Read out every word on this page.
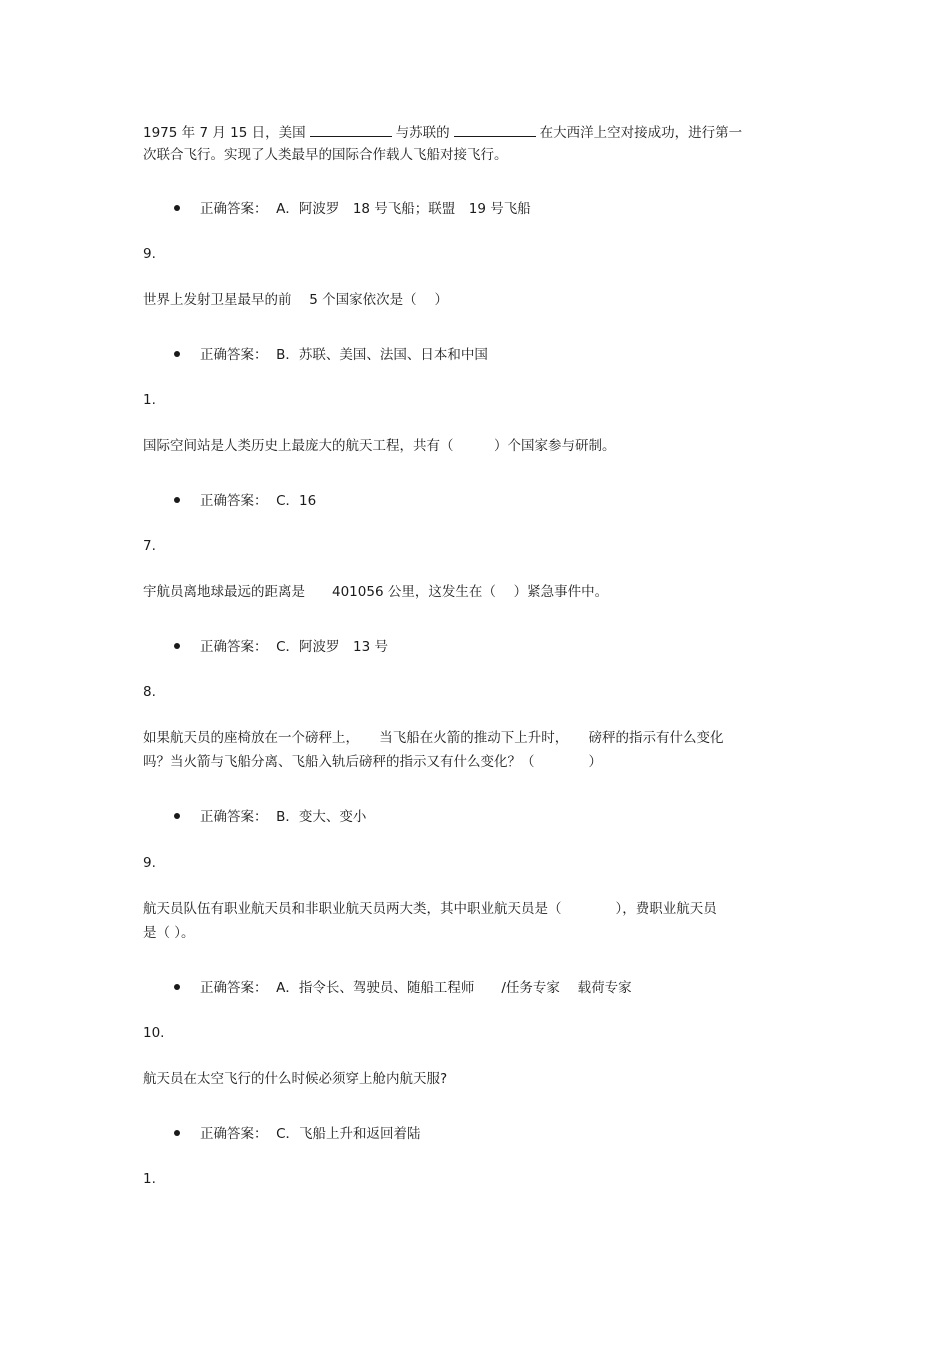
1975 年 7 月 15 日，美国	与苏联的	在大西洋上空对接成功，进行第一
次联合飞行。实现了人类最早的国际合作载人飞船对接飞行。
正确答案： A．阿波罗　18 号飞船；联盟　19 号飞船
9.
世界上发射卫星最早的前　 5 个国家依次是（　 ）
正确答案： B．苏联、美国、法国、日本和中国
1.
国际空间站是人类历史上最庞大的航天工程，共有（　　　）个国家参与研制。
正确答案： C．16
7.
宇航员离地球最远的距离是　　401056 公里，这发生在（　 ）紧急事件中。
正确答案： C．阿波罗　13 号
8.
如果航天员的座椅放在一个磅秤上，　　当飞船在火箭的推动下上升时，　　磅秤的指示有什么变化
吗？当火箭与飞船分离、飞船入轨后磅秤的指示又有什么变化？（　　　　）
正确答案： B．变大、变小
9.
航天员队伍有职业航天员和非职业航天员两大类，其中职业航天员是（　　　　），费职业航天员
是（ ）。
正确答案： A．指令长、驾驶员、随船工程师　　/任务专家　 载荷专家
10.
航天员在太空飞行的什么时候必须穿上舱内航天服?
正确答案： C．飞船上升和返回着陆
1.
